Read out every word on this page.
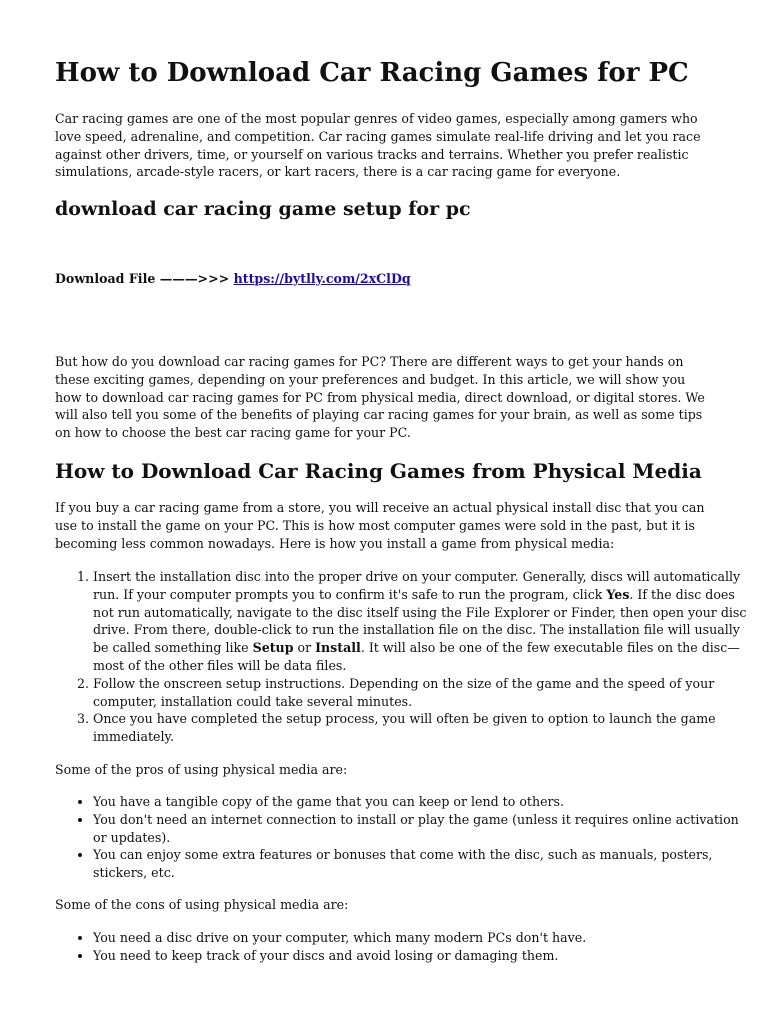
How to Download Car Racing Games for PC

Car racing games are one of the most popular genres of video games, especially among gamers who love speed, adrenaline, and competition. Car racing games simulate real-life driving and let you race against other drivers, time, or yourself on various tracks and terrains. Whether you prefer realistic simulations, arcade-style racers, or kart racers, there is a car racing game for everyone.

download car racing game setup for pc

Download File ———>>> https://bytlly.com/2xClDq

But how do you download car racing games for PC? There are different ways to get your hands on these exciting games, depending on your preferences and budget. In this article, we will show you how to download car racing games for PC from physical media, direct download, or digital stores. We will also tell you some of the benefits of playing car racing games for your brain, as well as some tips on how to choose the best car racing game for your PC.

How to Download Car Racing Games from Physical Media

If you buy a car racing game from a store, you will receive an actual physical install disc that you can use to install the game on your PC. This is how most computer games were sold in the past, but it is becoming less common nowadays. Here is how you install a game from physical media:

1. Insert the installation disc into the proper drive on your computer. Generally, discs will automatically run. If your computer prompts you to confirm it's safe to run the program, click Yes. If the disc does not run automatically, navigate to the disc itself using the File Explorer or Finder, then open your disc drive. From there, double-click to run the installation file on the disc. The installation file will usually be called something like Setup or Install. It will also be one of the few executable files on the disc—most of the other files will be data files.
2. Follow the onscreen setup instructions. Depending on the size of the game and the speed of your computer, installation could take several minutes.
3. Once you have completed the setup process, you will often be given to option to launch the game immediately.

Some of the pros of using physical media are:

• You have a tangible copy of the game that you can keep or lend to others.
• You don't need an internet connection to install or play the game (unless it requires online activation or updates).
• You can enjoy some extra features or bonuses that come with the disc, such as manuals, posters, stickers, etc.

Some of the cons of using physical media are:

• You need a disc drive on your computer, which many modern PCs don't have.
• You need to keep track of your discs and avoid losing or damaging them.
